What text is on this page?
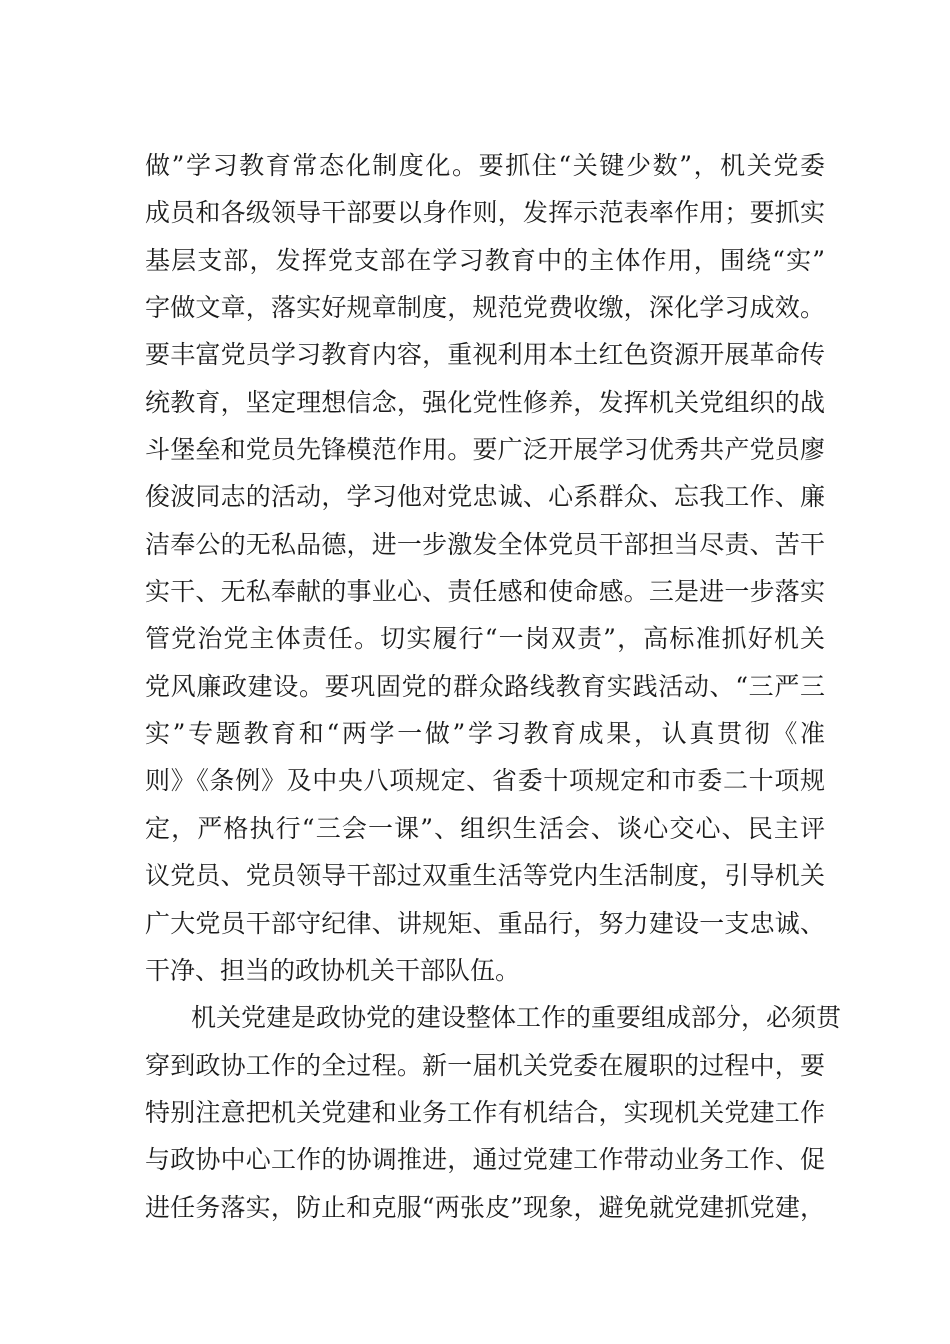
做”学习教育常态化制度化。要抓住“关键少数”，机关党委
成员和各级领导干部要以身作则，发挥示范表率作用；要抓实
基层支部，发挥党支部在学习教育中的主体作用，围绕“实”
字做文章，落实好规章制度，规范党费收缴，深化学习成效。
要丰富党员学习教育内容，重视利用本土红色资源开展革命传
统教育，坚定理想信念，强化党性修养，发挥机关党组织的战
斗堡垒和党员先锋模范作用。要广泛开展学习优秀共产党员廖
俊波同志的活动，学习他对党忠诚、心系群众、忘我工作、廉
洁奉公的无私品德，进一步激发全体党员干部担当尽责、苦干
实干、无私奉献的事业心、责任感和使命感。三是进一步落实
管党治党主体责任。切实履行“一岗双责”，高标准抓好机关
党风廉政建设。要巩固党的群众路线教育实践活动、“三严三
实”专题教育和“两学一做”学习教育成果，认真贯彻《准
则》《条例》及中央八项规定、省委十项规定和市委二十项规
定，严格执行“三会一课”、组织生活会、谈心交心、民主评
议党员、党员领导干部过双重生活等党内生活制度，引导机关
广大党员干部守纪律、讲规矩、重品行，努力建设一支忠诚、
干净、担当的政协机关干部队伍。
机关党建是政协党的建设整体工作的重要组成部分，必须贯
穿到政协工作的全过程。新一届机关党委在履职的过程中，要
特别注意把机关党建和业务工作有机结合，实现机关党建工作
与政协中心工作的协调推进，通过党建工作带动业务工作、促
进任务落实，防止和克服“两张皮”现象，避免就党建抓党建，
